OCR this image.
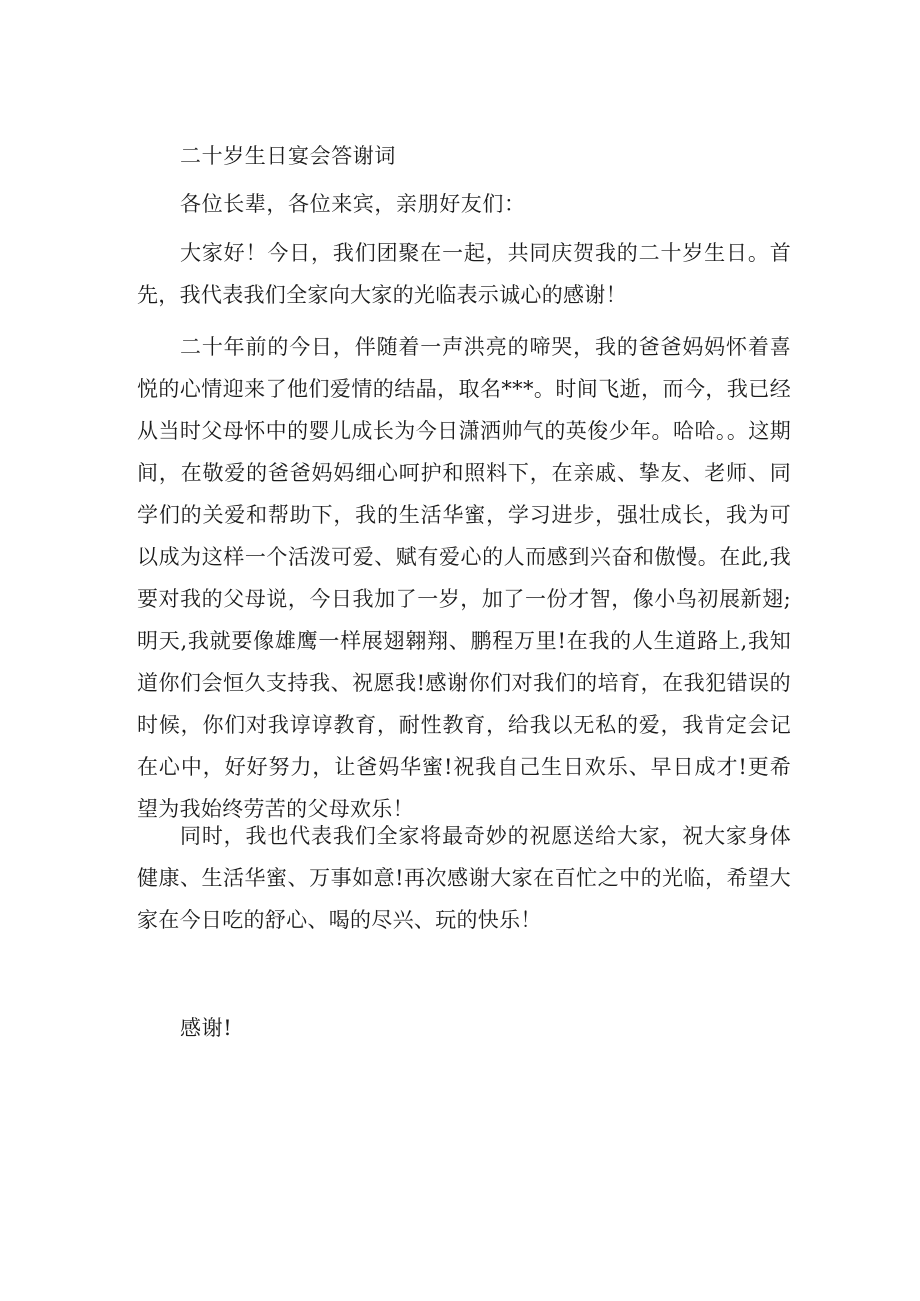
二十岁生日宴会答谢词
各位长辈，各位来宾，亲朋好友们：

大家好！今日，我们团聚在一起，共同庆贺我的二十岁生日。首先，我代表我们全家向大家的光临表示诚心的感谢！

二十年前的今日，伴随着一声洪亮的啼哭，我的爸爸妈妈怀着喜悦的心情迎来了他们爱情的结晶，取名***。时间飞逝，而今，我已经从当时父母怀中的婴儿成长为今日潇洒帅气的英俊少年。哈哈。。这期间，在敬爱的爸爸妈妈细心呵护和照料下，在亲戚、挚友、老师、同学们的关爱和帮助下，我的生活华蜜，学习进步，强壮成长，我为可以成为这样一个活泼可爱、赋有爱心的人而感到兴奋和傲慢。在此,我要对我的父母说，今日我加了一岁，加了一份才智，像小鸟初展新翅;明天,我就要像雄鹰一样展翅翱翔、鹏程万里!在我的人生道路上,我知道你们会恒久支持我、祝愿我!感谢你们对我们的培育，在我犯错误的时候，你们对我谆谆教育，耐性教育，给我以无私的爱，我肯定会记在心中，好好努力，让爸妈华蜜!祝我自己生日欢乐、早日成才!更希望为我始终劳苦的父母欢乐！

同时，我也代表我们全家将最奇妙的祝愿送给大家，祝大家身体健康、生活华蜜、万事如意!再次感谢大家在百忙之中的光临，希望大家在今日吃的舒心、喝的尽兴、玩的快乐！

感谢!
